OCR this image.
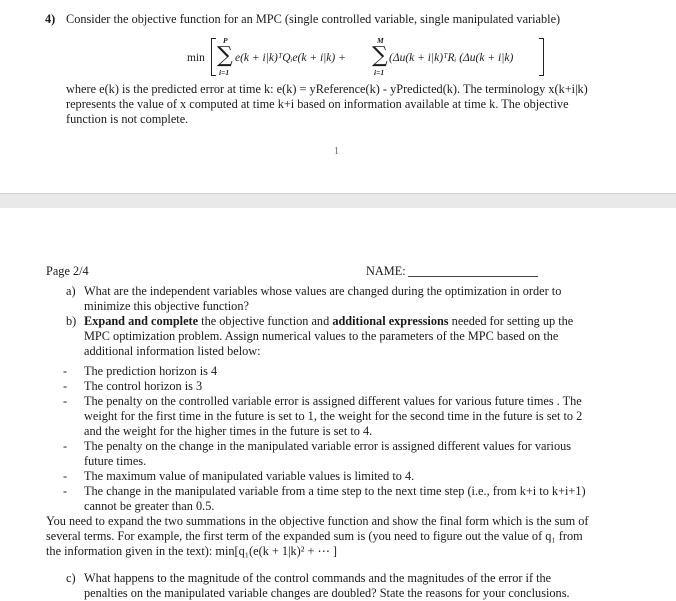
4) Consider the objective function for an MPC (single controlled variable, single manipulated variable)
min
P
∑
i=1
e(k + i|k)ᵀQᵢe(k + i|k) +
M
∑
i=1
(Δu(k + i|k)ᵀRᵢ (Δu(k + i|k)
where e(k) is the predicted error at time k: e(k) = yReference(k) - yPredicted(k). The terminology x(k+i|k)
represents the value of x computed at time k+i based on information available at time k. The objective
function is not complete.
1
Page 2/4	NAME:
a) What are the independent variables whose values are changed during the optimization in order to
minimize this objective function?
b) Expand and complete the objective function and additional expressions needed for setting up the
MPC optimization problem. Assign numerical values to the parameters of the MPC based on the
additional information listed below:
- The prediction horizon is 4
- The control horizon is 3
- The penalty on the controlled variable error is assigned different values for various future times . The
weight for the first time in the future is set to 1, the weight for the second time in the future is set to 2
and the weight for the higher times in the future is set to 4.
- The penalty on the change in the manipulated variable error is assigned different values for various
future times.
- The maximum value of manipulated variable values is limited to 4.
- The change in the manipulated variable from a time step to the next time step (i.e., from k+i to k+i+1)
cannot be greater than 0.5.
You need to expand the two summations in the objective function and show the final form which is the sum of
several terms. For example, the first term of the expanded sum is (you need to figure out the value of q₁ from
the information given in the text): min[q₁(e(k + 1|k)² + ⋯ ]
c) What happens to the magnitude of the control commands and the magnitudes of the error if the
penalties on the manipulated variable changes are doubled? State the reasons for your conclusions.
